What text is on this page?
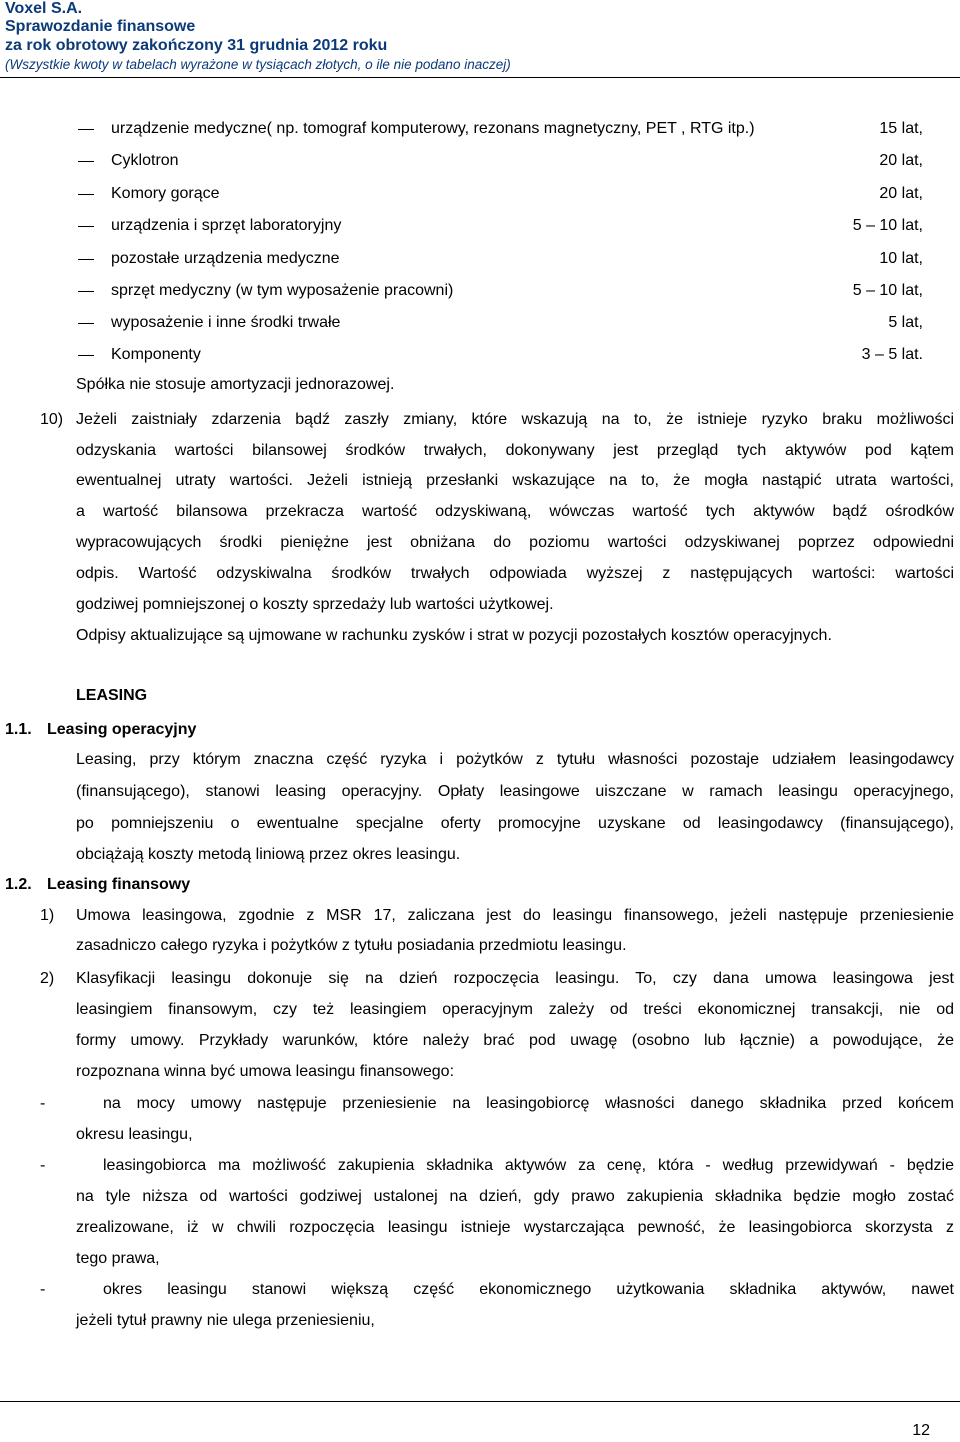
Voxel S.A.
Sprawozdanie finansowe
za rok obrotowy zakończony 31 grudnia 2012 roku
(Wszystkie kwoty w tabelach wyrażone w tysiącach złotych, o ile nie podano inaczej)
urządzenie medyczne( np. tomograf komputerowy, rezonans magnetyczny, PET , RTG itp.)	15 lat,
Cyklotron	20 lat,
Komory gorące	20 lat,
urządzenia i sprzęt laboratoryjny	5 – 10 lat,
pozostałe urządzenia medyczne	10 lat,
sprzęt medyczny (w tym wyposażenie pracowni)	5 – 10 lat,
wyposażenie i inne środki trwałe	5 lat,
Komponenty	3 – 5 lat.
Spółka nie stosuje amortyzacji jednorazowej.
10) Jeżeli zaistniały zdarzenia bądź zaszły zmiany, które wskazują na to, że istnieje ryzyko braku możliwości
odzyskania wartości bilansowej środków trwałych, dokonywany jest przegląd tych aktywów pod kątem
ewentualnej utraty wartości. Jeżeli istnieją przesłanki wskazujące na to, że mogła nastąpić utrata wartości,
a wartość bilansowa przekracza wartość odzyskiwaną, wówczas wartość tych aktywów bądź ośrodków
wypracowujących środki pieniężne jest obniżana do poziomu wartości odzyskiwanej poprzez odpowiedni
odpis. Wartość odzyskiwalna środków trwałych odpowiada wyższej z następujących wartości: wartości
godziwej pomniejszonej o koszty sprzedaży lub wartości użytkowej.
Odpisy aktualizujące są ujmowane w rachunku zysków i strat w pozycji pozostałych kosztów operacyjnych.
LEASING
1.1. Leasing operacyjny
Leasing, przy którym znaczna część ryzyka i pożytków z tytułu własności pozostaje udziałem leasingodawcy
(finansującego), stanowi leasing operacyjny. Opłaty leasingowe uiszczane w ramach leasingu operacyjnego,
po pomniejszeniu o ewentualne specjalne oferty promocyjne uzyskane od leasingodawcy (finansującego),
obciążają koszty metodą liniową przez okres leasingu.
1.2. Leasing finansowy
1) Umowa leasingowa, zgodnie z MSR 17, zaliczana jest do leasingu finansowego, jeżeli następuje przeniesienie
zasadniczo całego ryzyka i pożytków z tytułu posiadania przedmiotu leasingu.
2) Klasyfikacji leasingu dokonuje się na dzień rozpoczęcia leasingu. To, czy dana umowa leasingowa jest
leasingiem finansowym, czy też leasingiem operacyjnym zależy od treści ekonomicznej transakcji, nie od
formy umowy. Przykłady warunków, które należy brać pod uwagę (osobno lub łącznie) a powodujące, że
rozpoznana winna być umowa leasingu finansowego:
-	na mocy umowy następuje przeniesienie na leasingobiorcę własności danego składnika przed końcem
okresu leasingu,
-	leasingobiorca ma możliwość zakupienia składnika aktywów za cenę, która - według przewidywań - będzie
na tyle niższa od wartości godziwej ustalonej na dzień, gdy prawo zakupienia składnika będzie mogło zostać
zrealizowane, iż w chwili rozpoczęcia leasingu istnieje wystarczająca pewność, że leasingobiorca skorzysta z
tego prawa,
-	okres leasingu stanowi większą część ekonomicznego użytkowania składnika aktywów, nawet
jeżeli tytuł prawny nie ulega przeniesieniu,
12
